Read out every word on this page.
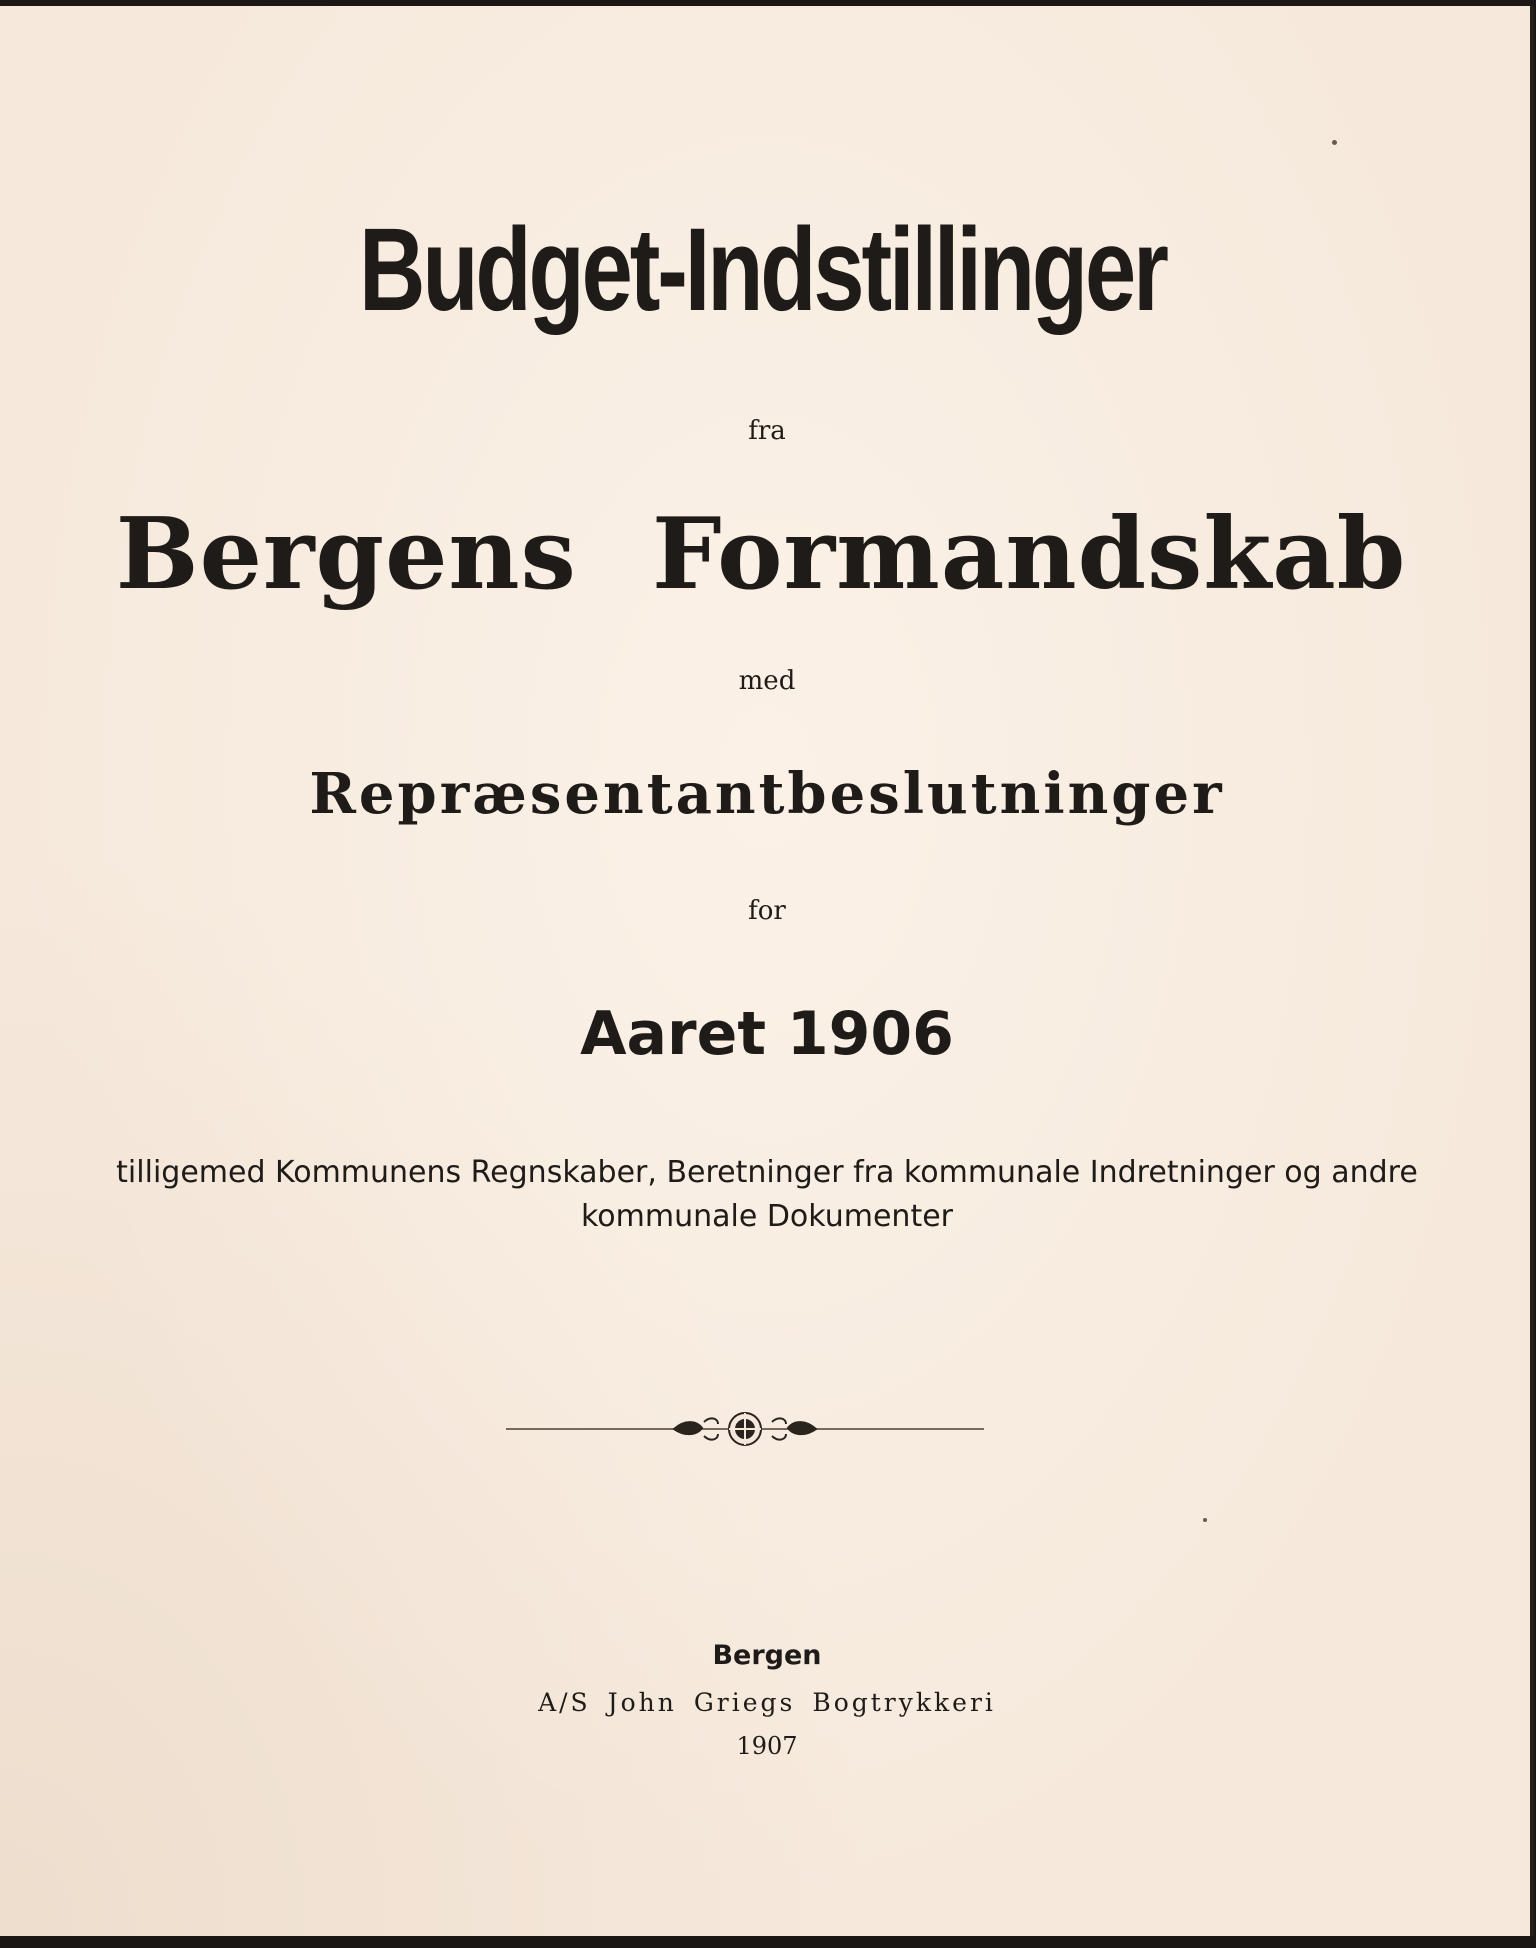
Budget-Indstillinger

fra

Bergens Formandskab

med

Repræsentantbeslutninger

for

Aaret 1906

tilligemed Kommunens Regnskaber, Beretninger fra kommunale Indretninger og andre kommunale Dokumenter

Bergen

A/S John Griegs Bogtrykkeri

1907
